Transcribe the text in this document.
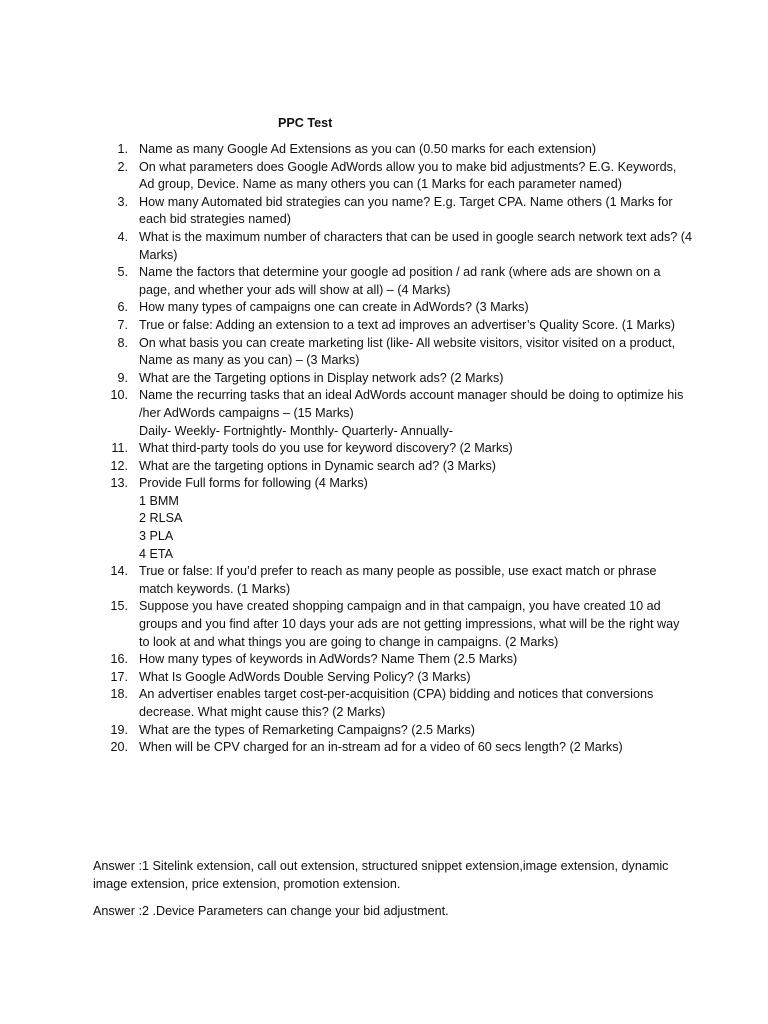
PPC Test
1. Name as many Google Ad Extensions as you can (0.50 marks for each extension)
2. On what parameters does Google AdWords allow you to make bid adjustments? E.G. Keywords, Ad group, Device. Name as many others you can (1 Marks for each parameter named)
3. How many Automated bid strategies can you name? E.g. Target CPA. Name others (1 Marks for each bid strategies named)
4. What is the maximum number of characters that can be used in google search network text ads? (4 Marks)
5. Name the factors that determine your google ad position / ad rank (where ads are shown on a page, and whether your ads will show at all) – (4 Marks)
6. How many types of campaigns one can create in AdWords? (3 Marks)
7. True or false: Adding an extension to a text ad improves an advertiser’s Quality Score. (1 Marks)
8. On what basis you can create marketing list (like- All website visitors, visitor visited on a product, Name as many as you can) – (3 Marks)
9. What are the Targeting options in Display network ads? (2 Marks)
10. Name the recurring tasks that an ideal AdWords account manager should be doing to optimize his /her AdWords campaigns – (15 Marks)
Daily- Weekly- Fortnightly- Monthly- Quarterly- Annually-
11. What third-party tools do you use for keyword discovery? (2 Marks)
12. What are the targeting options in Dynamic search ad? (3 Marks)
13. Provide Full forms for following (4 Marks)
1 BMM
2 RLSA
3 PLA
4 ETA
14. True or false: If you’d prefer to reach as many people as possible, use exact match or phrase match keywords. (1 Marks)
15. Suppose you have created shopping campaign and in that campaign, you have created 10 ad groups and you find after 10 days your ads are not getting impressions, what will be the right way to look at and what things you are going to change in campaigns. (2 Marks)
16. How many types of keywords in AdWords? Name Them (2.5 Marks)
17. What Is Google AdWords Double Serving Policy? (3 Marks)
18. An advertiser enables target cost-per-acquisition (CPA) bidding and notices that conversions decrease. What might cause this? (2 Marks)
19. What are the types of Remarketing Campaigns? (2.5 Marks)
20. When will be CPV charged for an in-stream ad for a video of 60 secs length? (2 Marks)

Answer :1 Sitelink extension, call out extension, structured snippet extension,image extension, dynamic image extension, price extension, promotion extension.

Answer :2 .Device Parameters can change your bid adjustment.
